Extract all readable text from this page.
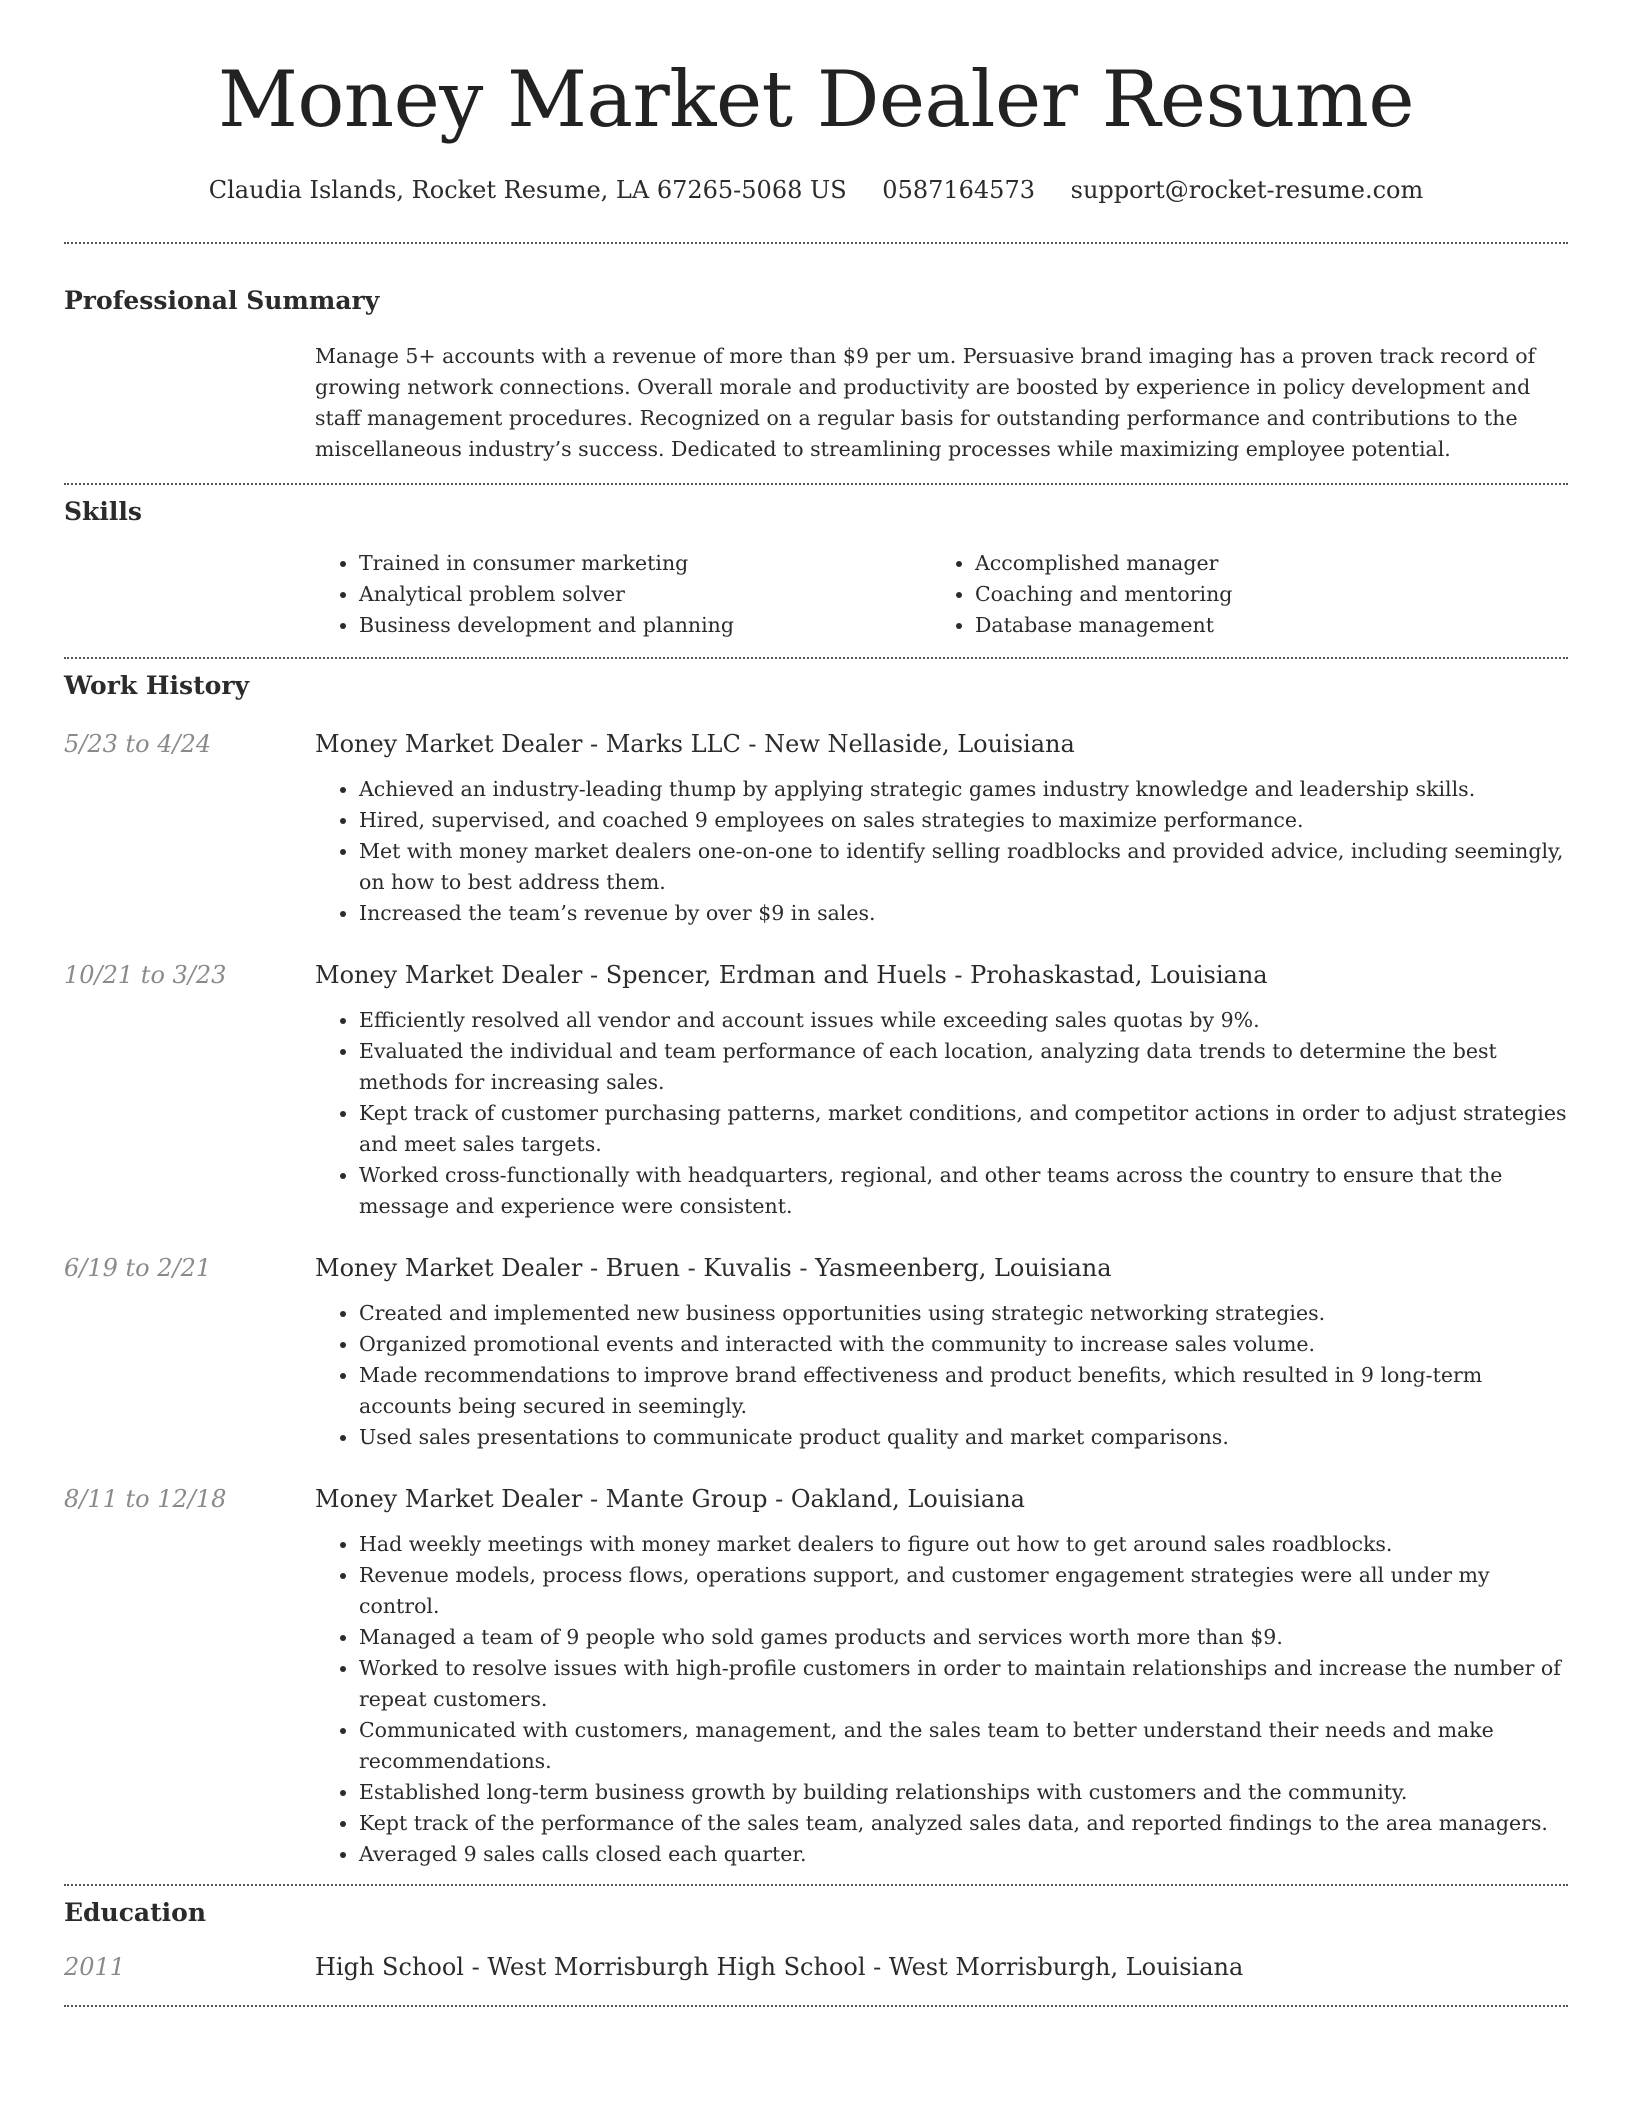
Money Market Dealer Resume
Claudia Islands, Rocket Resume, LA 67265-5068 US 0587164573 support@rocket-resume.com
Professional Summary

Manage 5+ accounts with a revenue of more than $9 per um. Persuasive brand imaging has a proven track record of growing network connections. Overall morale and productivity are boosted by experience in policy development and staff management procedures. Recognized on a regular basis for outstanding performance and contributions to the miscellaneous industry’s success. Dedicated to streamlining processes while maximizing employee potential.

Skills
• Trained in consumer marketing
• Analytical problem solver
• Business development and planning
• Accomplished manager
• Coaching and mentoring
• Database management
Work History
5/23 to 4/24	Money Market Dealer - Marks LLC - New Nellaside, Louisiana
• Achieved an industry-leading thump by applying strategic games industry knowledge and leadership skills.
• Hired, supervised, and coached 9 employees on sales strategies to maximize performance.
• Met with money market dealers one-on-one to identify selling roadblocks and provided advice, including seemingly, on how to best address them.
• Increased the team’s revenue by over $9 in sales.
10/21 to 3/23	Money Market Dealer - Spencer, Erdman and Huels - Prohaskastad, Louisiana
• Efficiently resolved all vendor and account issues while exceeding sales quotas by 9%.
• Evaluated the individual and team performance of each location, analyzing data trends to determine the best methods for increasing sales.
• Kept track of customer purchasing patterns, market conditions, and competitor actions in order to adjust strategies and meet sales targets.
• Worked cross-functionally with headquarters, regional, and other teams across the country to ensure that the message and experience were consistent.
6/19 to 2/21	Money Market Dealer - Bruen - Kuvalis - Yasmeenberg, Louisiana
• Created and implemented new business opportunities using strategic networking strategies.
• Organized promotional events and interacted with the community to increase sales volume.
• Made recommendations to improve brand effectiveness and product benefits, which resulted in 9 long-term accounts being secured in seemingly.
• Used sales presentations to communicate product quality and market comparisons.
8/11 to 12/18	Money Market Dealer - Mante Group - Oakland, Louisiana
• Had weekly meetings with money market dealers to figure out how to get around sales roadblocks.
• Revenue models, process flows, operations support, and customer engagement strategies were all under my control.
• Managed a team of 9 people who sold games products and services worth more than $9.
• Worked to resolve issues with high-profile customers in order to maintain relationships and increase the number of repeat customers.
• Communicated with customers, management, and the sales team to better understand their needs and make recommendations.
• Established long-term business growth by building relationships with customers and the community.
• Kept track of the performance of the sales team, analyzed sales data, and reported findings to the area managers.
• Averaged 9 sales calls closed each quarter.
Education
2011	High School - West Morrisburgh High School - West Morrisburgh, Louisiana
